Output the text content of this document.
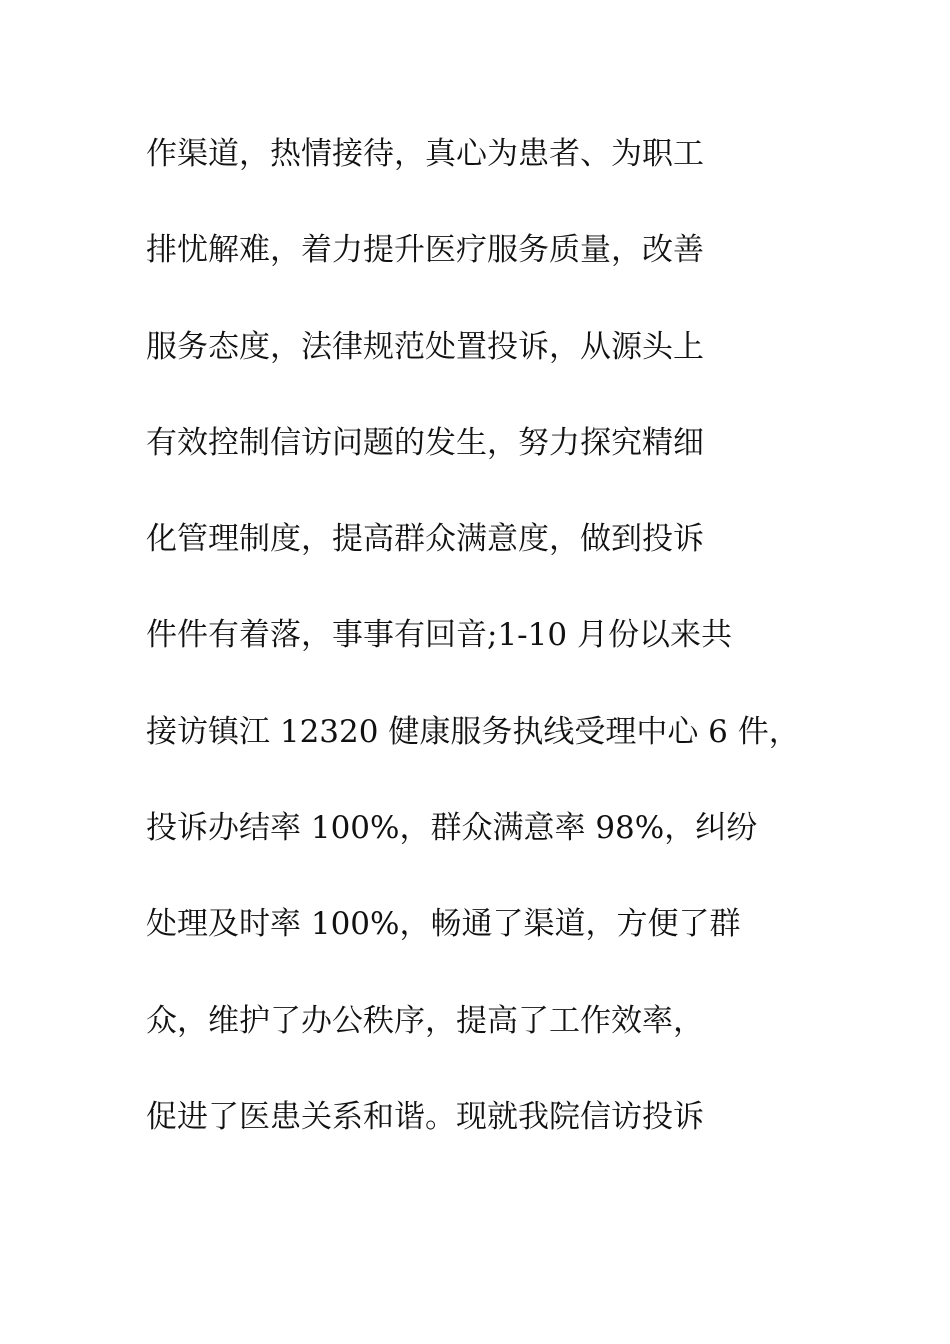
作渠道，热情接待，真心为患者、为职工
排忧解难，着力提升医疗服务质量，改善
服务态度，法律规范处置投诉，从源头上
有效控制信访问题的发生，努力探究精细
化管理制度，提高群众满意度，做到投诉
件件有着落，事事有回音;1-10 月份以来共
接访镇江 12320 健康服务执线受理中心 6 件，
投诉办结率 100%，群众满意率 98%，纠纷
处理及时率 100%，畅通了渠道，方便了群
众，维护了办公秩序，提高了工作效率，
促进了医患关系和谐。现就我院信访投诉
